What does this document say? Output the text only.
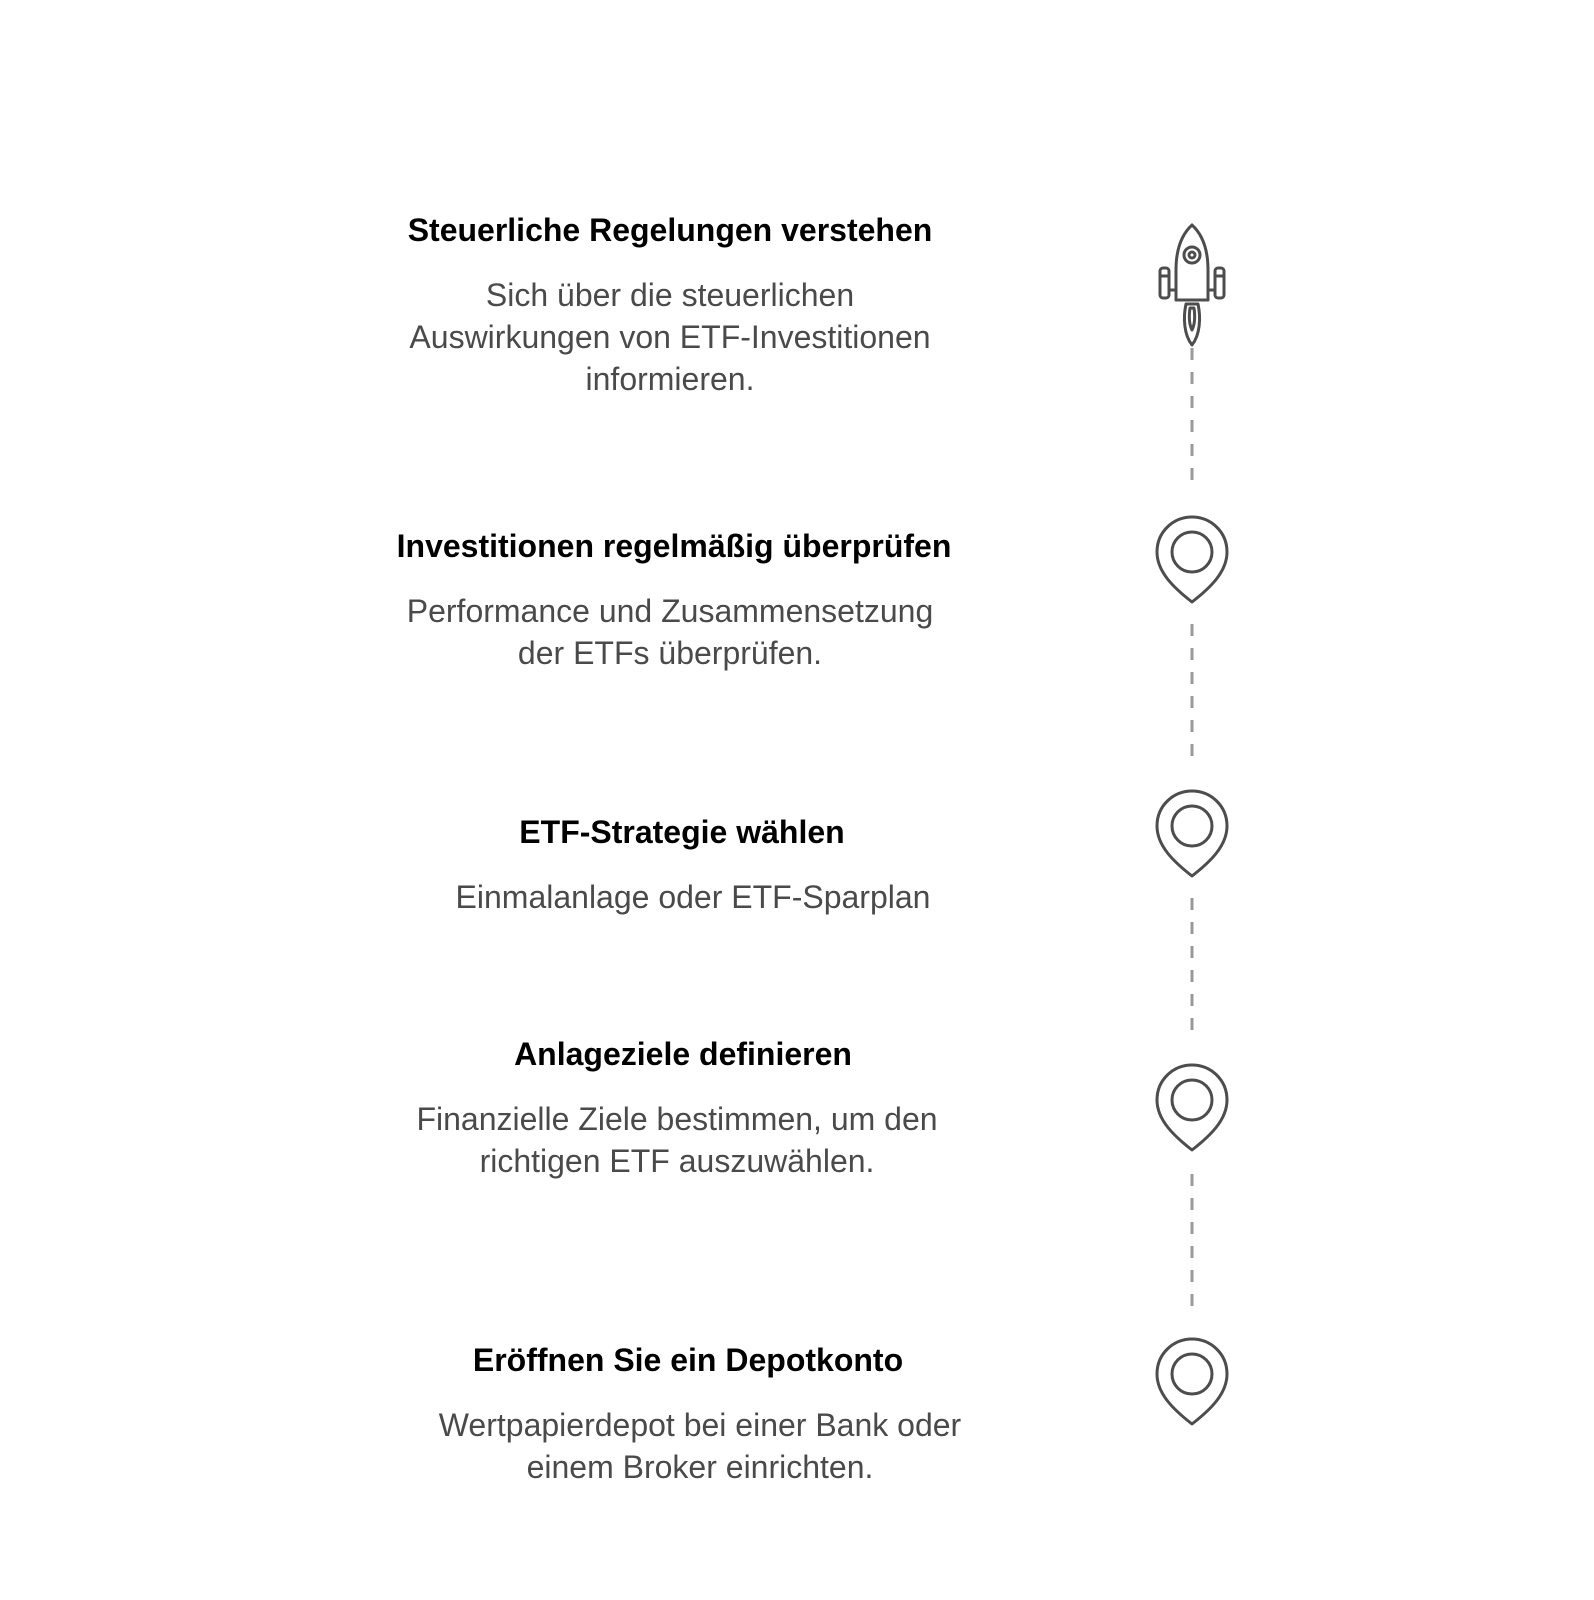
Steuerliche Regelungen verstehen

Sich über die steuerlichen
Auswirkungen von ETF-Investitionen
informieren.

Investitionen regelmäßig überprüfen

Performance und Zusammensetzung
der ETFs überprüfen.

ETF-Strategie wählen

Einmalanlage oder ETF-Sparplan

Anlageziele definieren

Finanzielle Ziele bestimmen, um den
richtigen ETF auszuwählen.

Eröffnen Sie ein Depotkonto

Wertpapierdepot bei einer Bank oder
einem Broker einrichten.
